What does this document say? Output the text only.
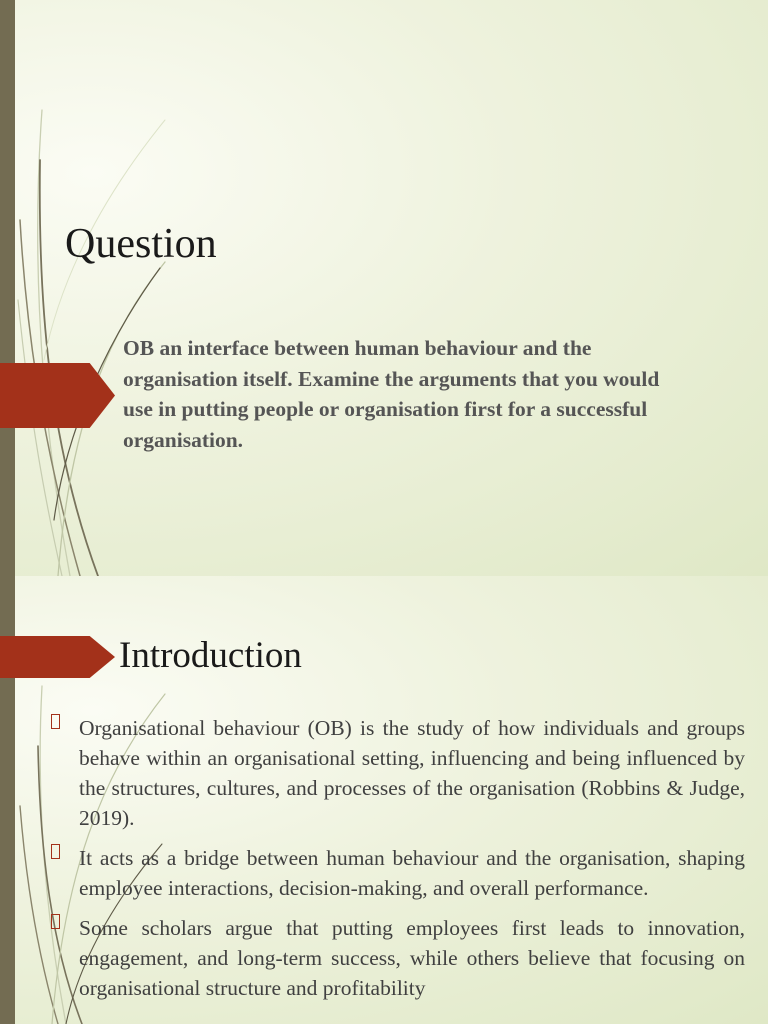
Question

OB an interface between human behaviour and the organisation itself. Examine the arguments that you would use in putting people or organisation first for a successful organisation.

Introduction
Organisational behaviour (OB) is the study of how individuals and groups behave within an organisational setting, influencing and being influenced by the structures, cultures, and processes of the organisation (Robbins & Judge, 2019).
It acts as a bridge between human behaviour and the organisation, shaping employee interactions, decision-making, and overall performance.
Some scholars argue that putting employees first leads to innovation, engagement, and long-term success, while others believe that focusing on organisational structure and profitability
